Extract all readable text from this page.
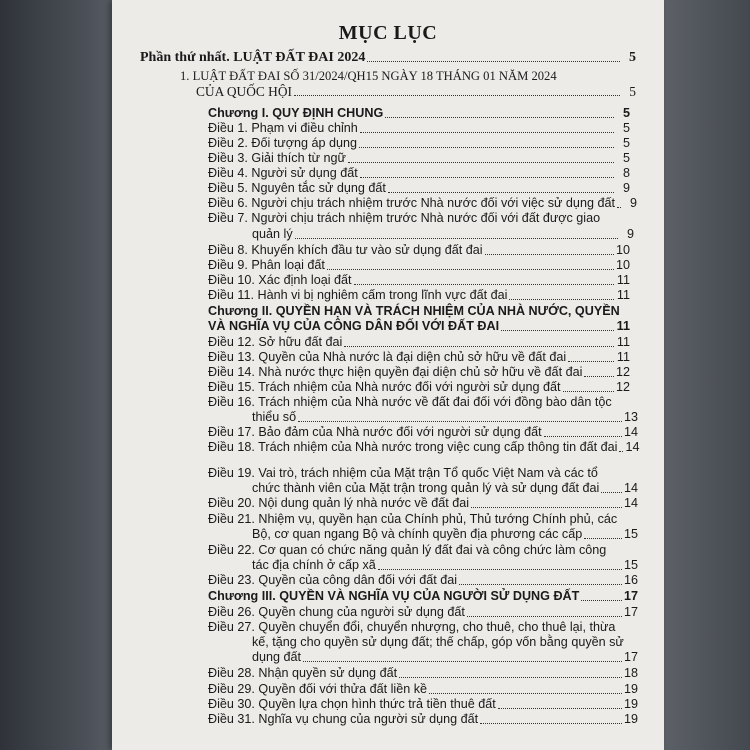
MỤC LỤC
Phần thứ nhất. LUẬT ĐẤT ĐAI 2024	5
1. LUẬT ĐẤT ĐAI SỐ 31/2024/QH15 NGÀY 18 THÁNG 01 NĂM 2024
CỦA QUỐC HỘI	5
Chương I. QUY ĐỊNH CHUNG	5
Điều 1. Phạm vi điều chỉnh	5
Điều 2. Đối tượng áp dụng	5
Điều 3. Giải thích từ ngữ	5
Điều 4. Người sử dụng đất	8
Điều 5. Nguyên tắc sử dụng đất	9
Điều 6. Người chịu trách nhiệm trước Nhà nước đối với việc sử dụng đất	9
Điều 7. Người chịu trách nhiệm trước Nhà nước đối với đất được giao
quản lý	9
Điều 8. Khuyến khích đầu tư vào sử dụng đất đai	10
Điều 9. Phân loại đất	10
Điều 10. Xác định loại đất	11
Điều 11. Hành vi bị nghiêm cấm trong lĩnh vực đất đai	11
Chương II. QUYỀN HẠN VÀ TRÁCH NHIỆM CỦA NHÀ NƯỚC, QUYỀN
VÀ NGHĨA VỤ CỦA CÔNG DÂN ĐỐI VỚI ĐẤT ĐAI	11
Điều 12. Sở hữu đất đai	11
Điều 13. Quyền của Nhà nước là đại diện chủ sở hữu về đất đai	11
Điều 14. Nhà nước thực hiện quyền đại diện chủ sở hữu về đất đai	12
Điều 15. Trách nhiệm của Nhà nước đối với người sử dụng đất	12
Điều 16. Trách nhiệm của Nhà nước về đất đai đối với đồng bào dân tộc
thiểu số	13
Điều 17. Bảo đảm của Nhà nước đối với người sử dụng đất	14
Điều 18. Trách nhiệm của Nhà nước trong việc cung cấp thông tin đất đai 14
Điều 19. Vai trò, trách nhiệm của Mặt trận Tổ quốc Việt Nam và các tổ
chức thành viên của Mặt trận trong quản lý và sử dụng đất đai 14
Điều 20. Nội dung quản lý nhà nước về đất đai	14
Điều 21. Nhiệm vụ, quyền hạn của Chính phủ, Thủ tướng Chính phủ, các
Bộ, cơ quan ngang Bộ và chính quyền địa phương các cấp	15
Điều 22. Cơ quan có chức năng quản lý đất đai và công chức làm công
tác địa chính ở cấp xã	15
Điều 23. Quyền của công dân đối với đất đai	16
Chương III. QUYỀN VÀ NGHĨA VỤ CỦA NGƯỜI SỬ DỤNG ĐẤT	17
Điều 26. Quyền chung của người sử dụng đất	17
Điều 27. Quyền chuyển đổi, chuyển nhượng, cho thuê, cho thuê lại, thừa
kế, tặng cho quyền sử dụng đất; thế chấp, góp vốn bằng quyền sử
dụng đất	17
Điều 28. Nhận quyền sử dụng đất	18
Điều 29. Quyền đối với thửa đất liền kề	19
Điều 30. Quyền lựa chọn hình thức trả tiền thuê đất	19
Điều 31. Nghĩa vụ chung của người sử dụng đất	19
